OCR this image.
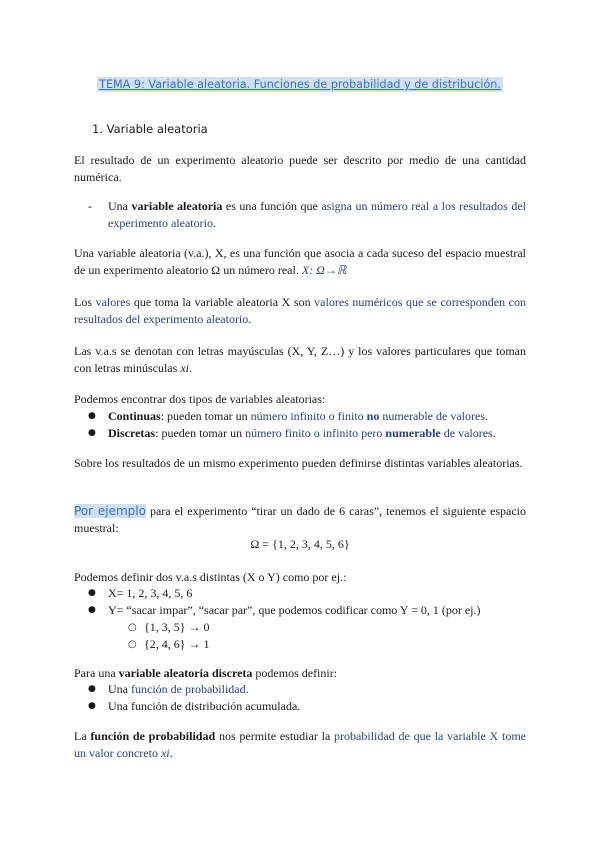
TEMA 9: Variable aleatoria. Funciones de probabilidad y de distribución.
1. Variable aleatoria
El resultado de un experimento aleatorio puede ser descrito por medio de una cantidad numérica.
- Una variable aleatoria es una función que asigna un número real a los resultados del experimento aleatorio.
Una variable aleatoria (v.a.), X, es una función que asocia a cada suceso del espacio muestral de un experimento aleatorio Ω un número real. X: Ω→ℝ
Los valores que toma la variable aleatoria X son valores numéricos que se corresponden con resultados del experimento aleatorio.
Las v.a.s se denotan con letras mayúsculas (X, Y, Z…) y los valores particulares que toman con letras minúsculas xi.
Podemos encontrar dos tipos de variables aleatorias:
● Continuas: pueden tomar un número infinito o finito no numerable de valores.
● Discretas: pueden tomar un número finito o infinito pero numerable de valores.
Sobre los resultados de un mismo experimento pueden definirse distintas variables aleatorias.
Por ejemplo para el experimento “tirar un dado de 6 caras”, tenemos el siguiente espacio muestral:
Ω = {1, 2, 3, 4, 5, 6}
Podemos definir dos v.a.s distintas (X o Y) como por ej.:
● X= 1, 2, 3, 4, 5, 6
● Y= “sacar impar”, “sacar par”, que podemos codificar como Y = 0, 1 (por ej.)
○ {1, 3, 5} → 0
○ {2, 4, 6} → 1
Para una variable aleatoria discreta podemos definir:
● Una función de probabilidad.
● Una función de distribución acumulada.
La función de probabilidad nos permite estudiar la probabilidad de que la variable X tome un valor concreto xi.
